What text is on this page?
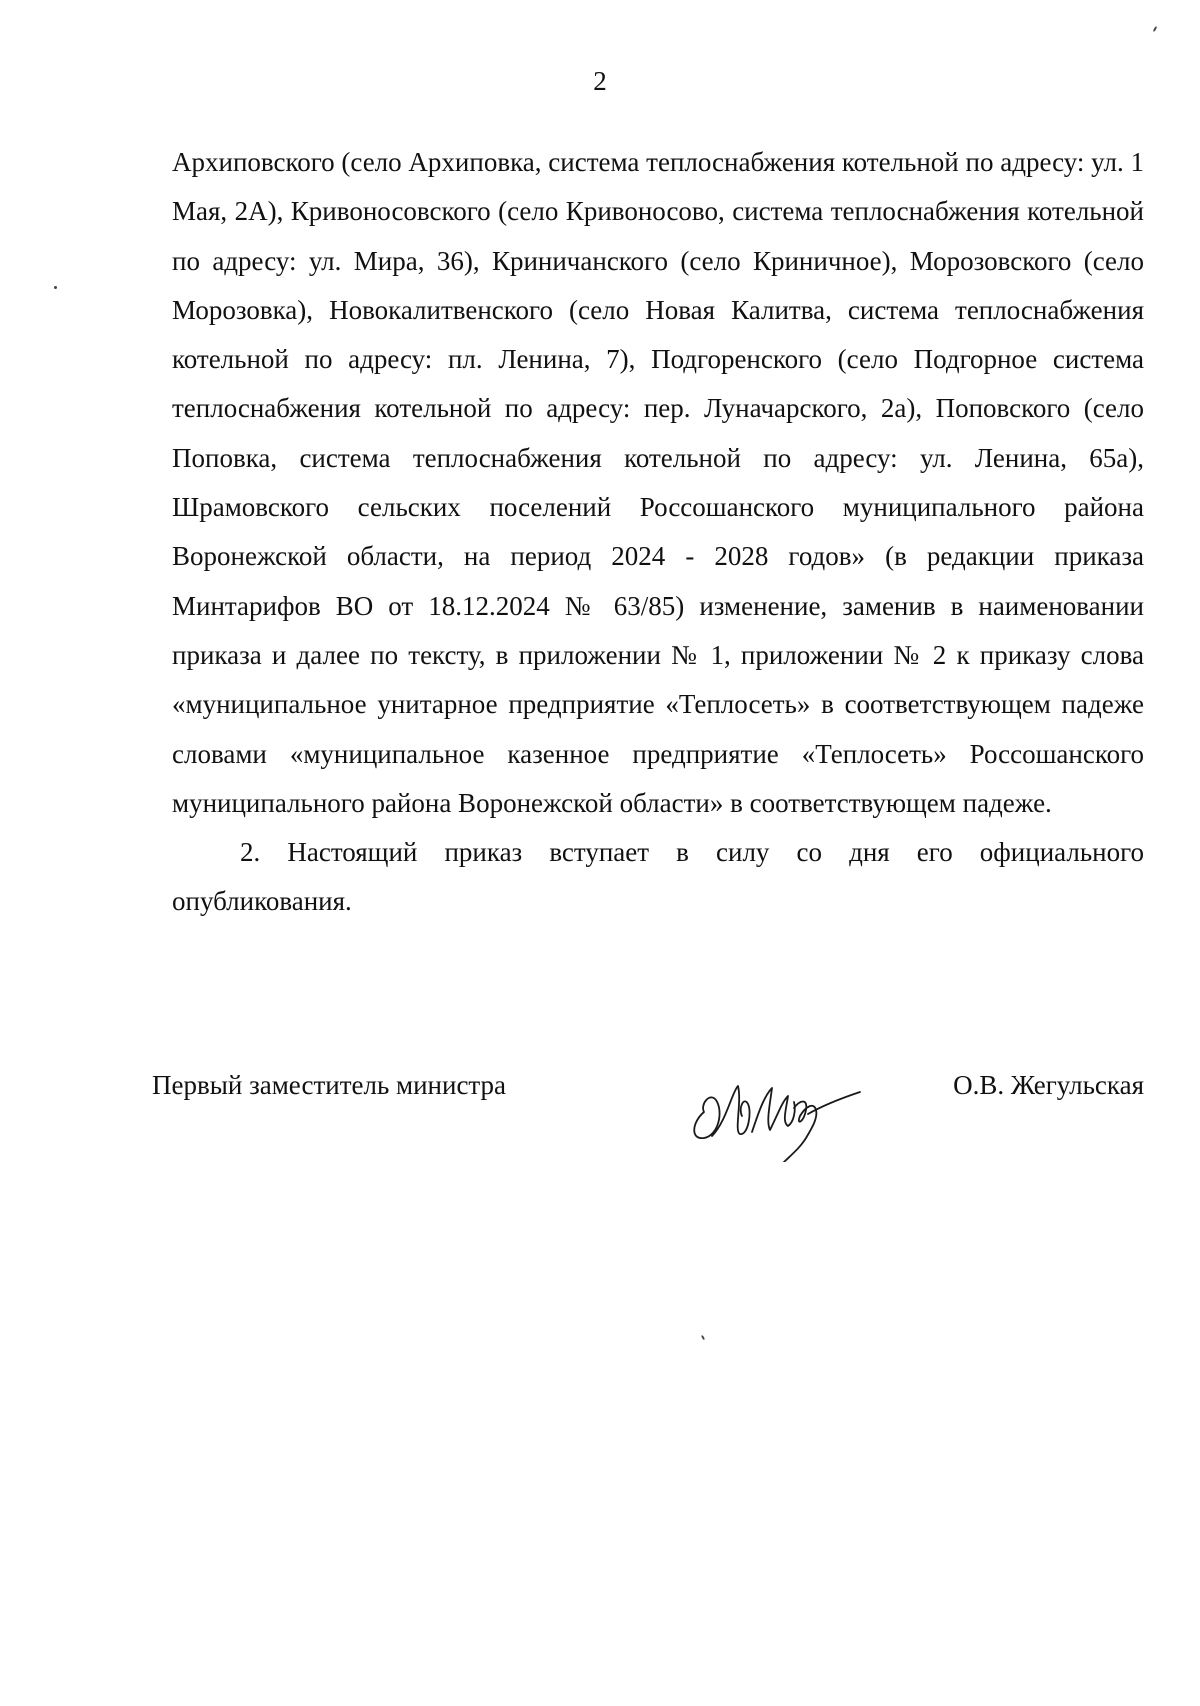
2

Архиповского (село Архиповка, система теплоснабжения котельной по адресу: ул. 1 Мая, 2А), Кривоносовского (село Кривоносово, система теплоснабжения котельной по адресу: ул. Мира, 36), Криничанского (село Криничное), Морозовского (село Морозовка), Новокалитвенского (село Новая Калитва, система теплоснабжения котельной по адресу: пл. Ленина, 7), Подгоренского (село Подгорное система теплоснабжения котельной по адресу: пер. Луначарского, 2а), Поповского (село Поповка, система теплоснабжения котельной по адресу: ул. Ленина, 65а), Шрамовского сельских поселений Россошанского муниципального района Воронежской области, на период 2024 - 2028 годов» (в редакции приказа Минтарифов ВО от 18.12.2024 № 63/85) изменение, заменив в наименовании приказа и далее по тексту, в приложении № 1, приложении № 2 к приказу слова «муниципальное унитарное предприятие «Теплосеть» в соответствующем падеже словами «муниципальное казенное предприятие «Теплосеть» Россошанского муниципального района Воронежской области» в соответствующем падеже.

2. Настоящий приказ вступает в силу со дня его официального опубликования.

Первый заместитель министра	О.В. Жегульская
